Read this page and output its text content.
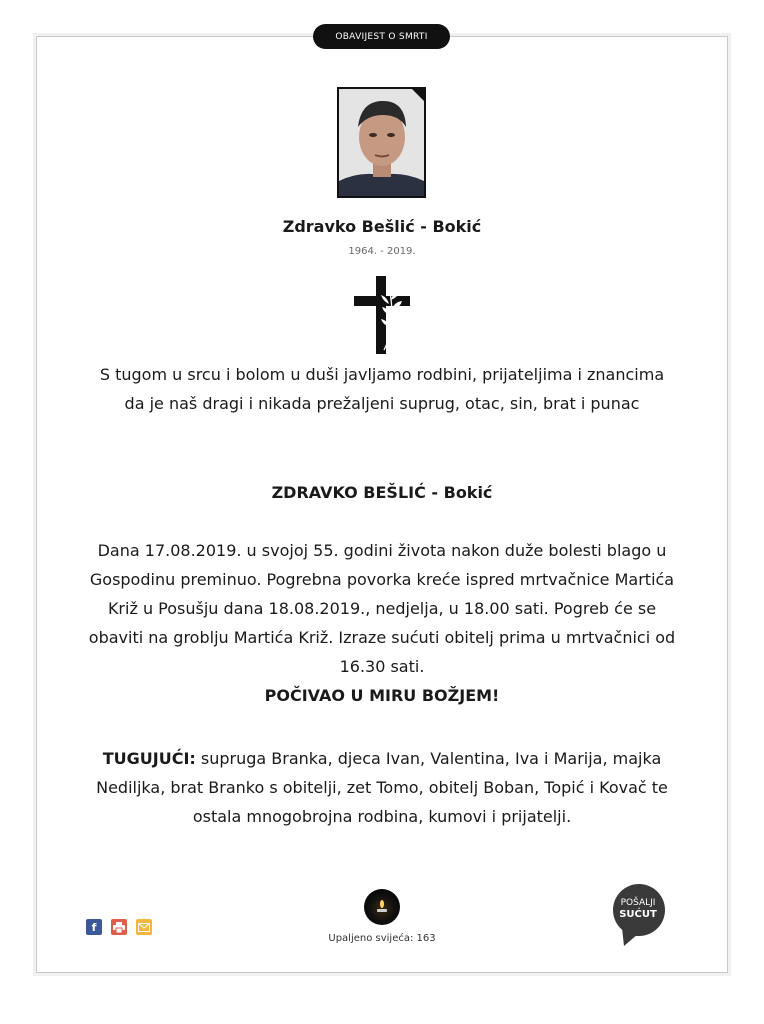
OBAVIJEST O SMRTI
Zdravko Bešlić - Bokić
1964. - 2019.
S tugom u srcu i bolom u duši javljamo rodbini, prijateljima i znancima
da je naš dragi i nikada prežaljeni suprug, otac, sin, brat i punac
ZDRAVKO BEŠLIĆ - Bokić
Dana 17.08.2019. u svojoj 55. godini života nakon duže bolesti blago u Gospodinu preminuo. Pogrebna povorka kreće ispred mrtvačnice Martića Križ u Posušju dana 18.08.2019., nedjelja, u 18.00 sati. Pogreb će se obaviti na groblju Martića Križ. Izraze sućuti obitelj prima u mrtvačnici od 16.30 sati.
POČIVAO U MIRU BOŽJEM!
TUGUJUĆI: supruga Branka, djeca Ivan, Valentina, Iva i Marija, majka Nediljka, brat Branko s obitelji, zet Tomo, obitelj Boban, Topić i Kovač te ostala mnogobrojna rodbina, kumovi i prijatelji.
f
Upaljeno svijeća: 163
POŠALJI
SUĆUT
